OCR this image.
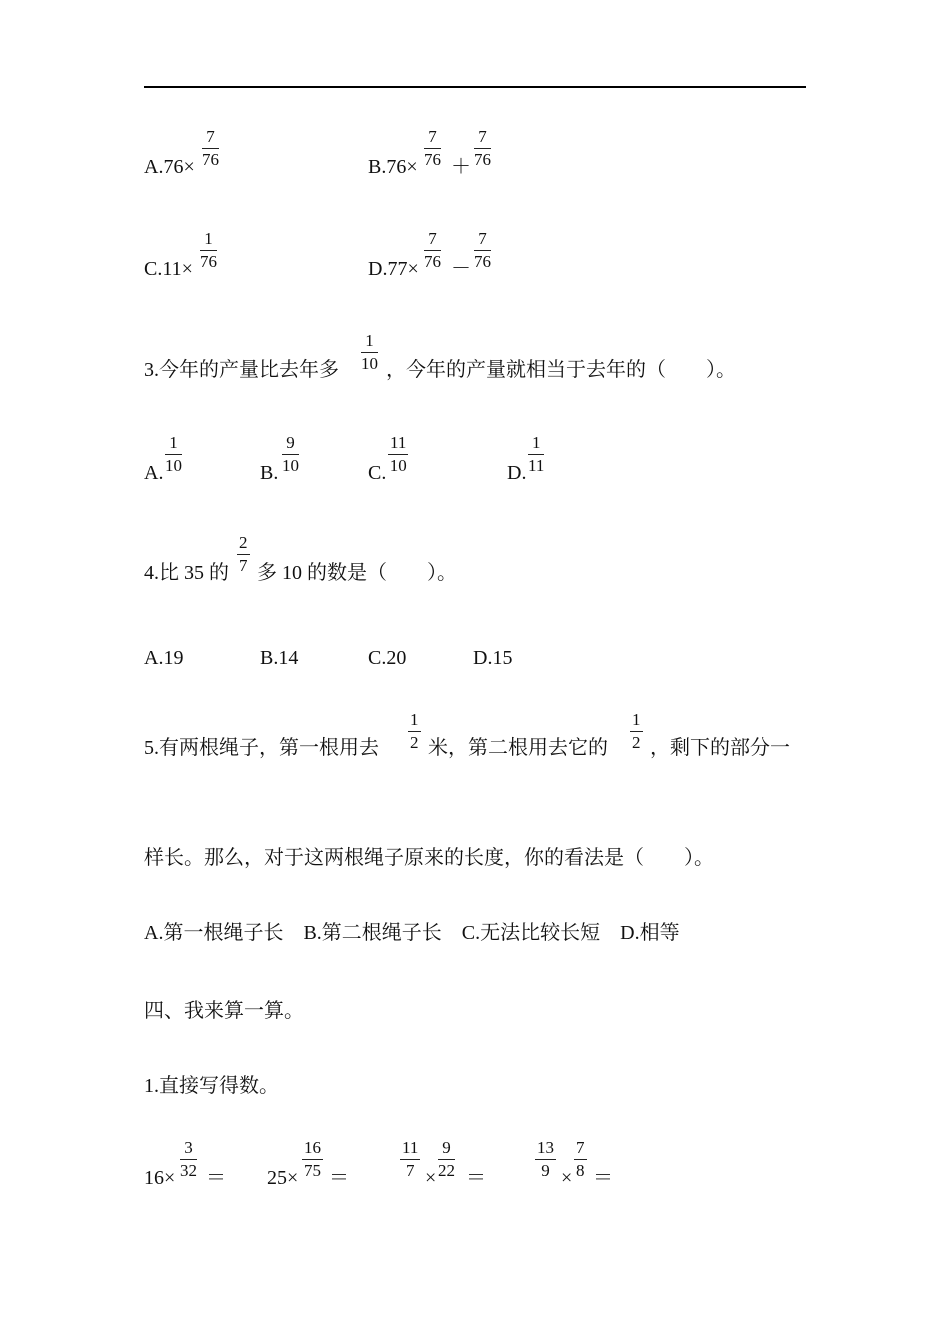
$A.76\times \frac{7}{76}$	$B.76\times \frac{7}{76} + \frac{7}{76}$
$C.11\times \frac{1}{76}$	$D.77\times \frac{7}{76} - \frac{7}{76}$
3.今年的产量比去年多 $\frac{1}{10}$ ，今年的产量就相当于去年的（　　）。
A. $\frac{1}{10}$	B. $\frac{9}{10}$	C. $\frac{11}{10}$	D. $\frac{1}{11}$
4.比 35 的 $\frac{2}{7}$ 多 10 的数是（　　）。
A.19	B.14	C.20	D.15
5.有两根绳子，第一根用去 $\frac{1}{2}$ 米，第二根用去它的 $\frac{1}{2}$ ，剩下的部分一
样长。那么，对于这两根绳子原来的长度，你的看法是（　　）。
A.第一根绳子长　B.第二根绳子长　C.无法比较长短　D.相等
四、我来算一算。
1.直接写得数。
$16\times \frac{3}{32} = 25\times \frac{16}{75}$ ＝	$\frac{11}{7} \times \frac{9}{22}$ ＝	$\frac{13}{9} \times \frac{7}{8}$ ＝
